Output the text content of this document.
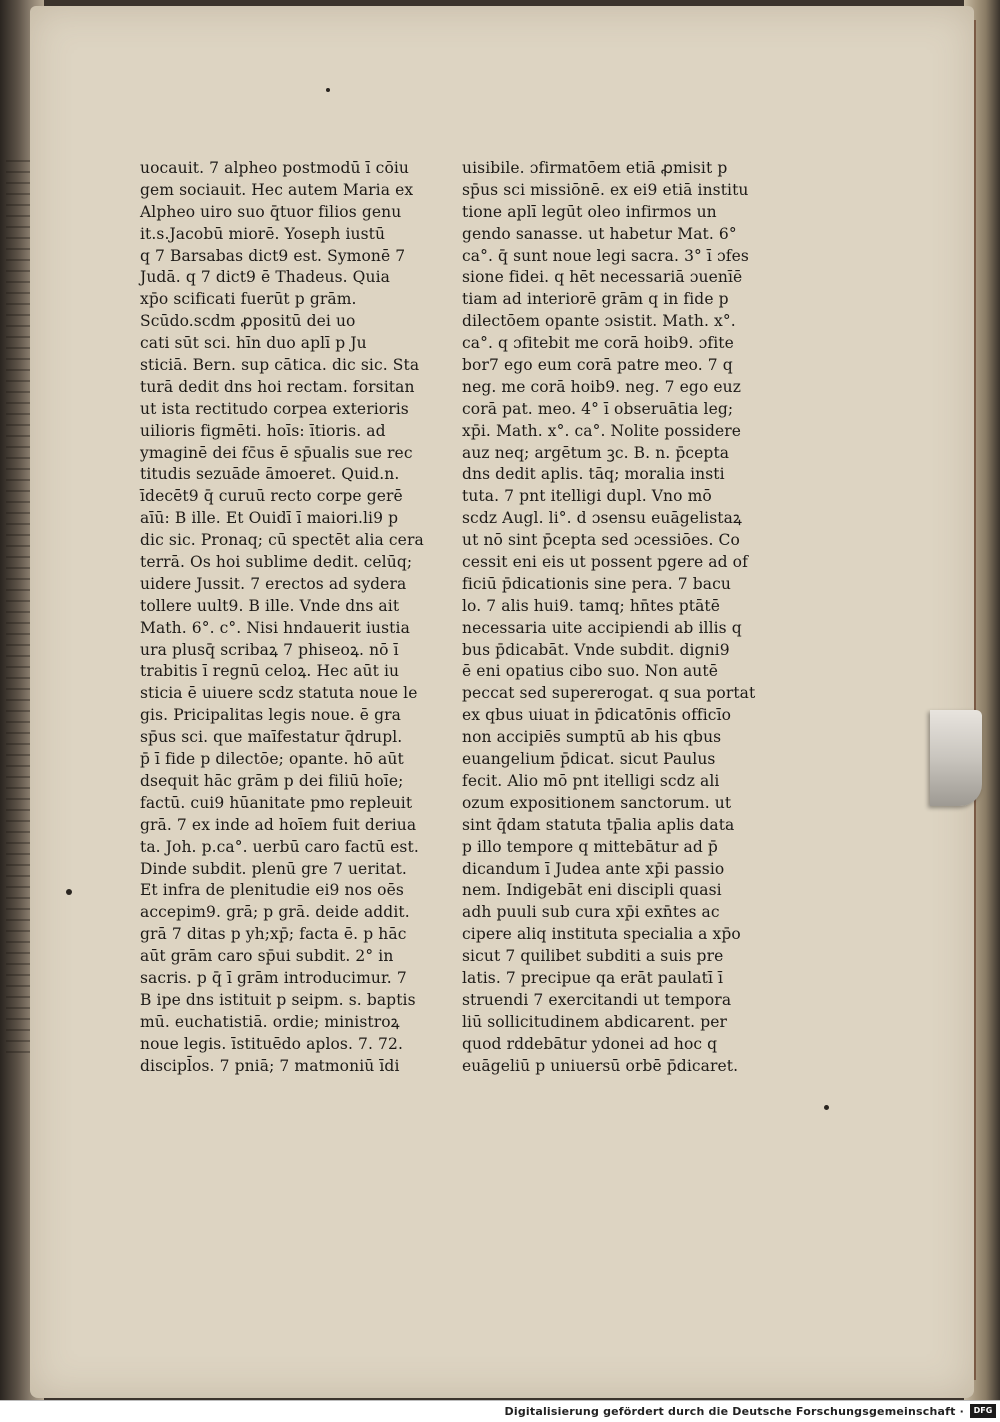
uocauit. 7 alpheo postmodū ī cōiu
gem sociauit. Hec autem Maria ex
Alpheo uiro suo q̄tuor filios genu
it.s.Jacobū miorē. Yoseph iustū
q 7 Barsabas dict9 est. Symonē 7
Judā. q 7 dict9 ē Thadeus. Quia
xp̄o scificati fuerūt p grām.
Scūdo.scdm ꝓpositū dei uo
cati sūt sci. hīn duo aplī p Ju
sticiā. Bern. sup cātica. dic sic. Sta
turā dedit dns hoi rectam. forsitan
ut ista rectitudo corpea exterioris
uilioris figmēti. hoīs: ītioris. ad
ymaginē dei fc̄us ē sp̄ualis sue rec
titudis sezuāde āmoeret. Quid.n.
īdecēt9 q̄ curuū recto corpe gerē
aīū: B ille. Et Ouidī ī maiori.li9 p
dic sic. Pronaq; cū spectēt alia cera
terrā. Os hoi sublime dedit. celūq;
uidere Jussit. 7 erectos ad sydera
tollere uult9. B ille. Vnde dns ait
Math. 6°. c°. Nisi hndauerit iustia
ura plusq̄ scribaꝝ 7 phiseoꝝ. nō ī
trabitis ī regnū celoꝝ. Hec aūt iu
sticia ē uiuere scdz statuta noue le
gis. Pricipalitas legis noue. ē gra
sp̄us sci. que maīfestatur q̄drupl.
p̄ ī fide p dilectōe; opante. hō aūt
dsequit hāc grām p dei filiū hoīe;
factū. cui9 hūanitate pmo repleuit
grā. 7 ex inde ad hoīem fuit deriua
ta. Joh. p.ca°. uerbū caro factū est.
Dinde subdit. plenū gre 7 ueritat.
Et infra de plenitudie ei9 nos oēs
accepim9. grā; p grā. deide addit.
grā 7 ditas p yh;xp̄; facta ē. p hāc
aūt grām caro sp̄ui subdit. 2° in
sacris. p q̄ ī grām introducimur. 7
B ipe dns istituit p seipm. s. baptis
mū. euchatistiā. ordie; ministroꝝ
noue legis. īstituēdo aplos. 7. 72.
discipl̄os. 7 pniā; 7 matmoniū īdi
uisibile. ɔfirmatōem etiā ꝓmisit p
sp̄us sci missiōnē. ex ei9 etiā institu
tione aplī legūt oleo infirmos un
gendo sanasse. ut habetur Mat. 6°
ca°. q̄ sunt noue legi sacra. 3° ī ɔfes
sione fidei. q hēt necessariā ɔuenīē
tiam ad interiorē grām q in fide p
dilectōem opante ɔsistit. Math. x°.
ca°. q ɔfitebit me corā hoib9. ɔfite
bor7 ego eum corā patre meo. 7 q
neg. me corā hoib9. neg. 7 ego euz
corā pat. meo. 4° ī obseruātia leg;
xp̄i. Math. x°. ca°. Nolite possidere
auz neq; argētum ꝫc. B. n. p̄cepta
dns dedit aplis. tāq; moralia insti
tuta. 7 pnt itelligi dupl. Vno mō
scdz Augl. li°. d ɔsensu euāgelistaꝝ
ut nō sint p̄cepta sed ɔcessiōes. Co
cessit eni eis ut possent pgere ad of
ficiū p̄dicationis sine pera. 7 bacu
lo. 7 alis hui9. tamq; hn̄tes ptātē
necessaria uite accipiendi ab illis q
bus p̄dicabāt. Vnde subdit. digni9
ē eni opatius cibo suo. Non autē
peccat sed supererogat. q sua portat
ex qbus uiuat in p̄dicatōnis officīo
non accipiēs sumptū ab his qbus
euangelium p̄dicat. sicut Paulus
fecit. Alio mō pnt itelligi scdz ali
ozum expositionem sanctorum. ut
sint q̄dam statuta tp̄alia aplis data
p illo tempore q mittebātur ad p̄
dicandum ī Judea ante xp̄i passio
nem. Indigebāt eni discipli quasi
adh puuli sub cura xp̄i exn̄tes ac
cipere aliq instituta specialia a xp̄o
sicut 7 quilibet subditi a suis pre
latis. 7 precipue qa erāt paulatī ī
struendi 7 exercitandi ut tempora
liū sollicitudinem abdicarent. per
quod rddebātur ydonei ad hoc q
euāgeliū p uniuersū orbē p̄dicaret.
Digitalisierung gefördert durch die Deutsche Forschungsgemeinschaft ·	DFG
